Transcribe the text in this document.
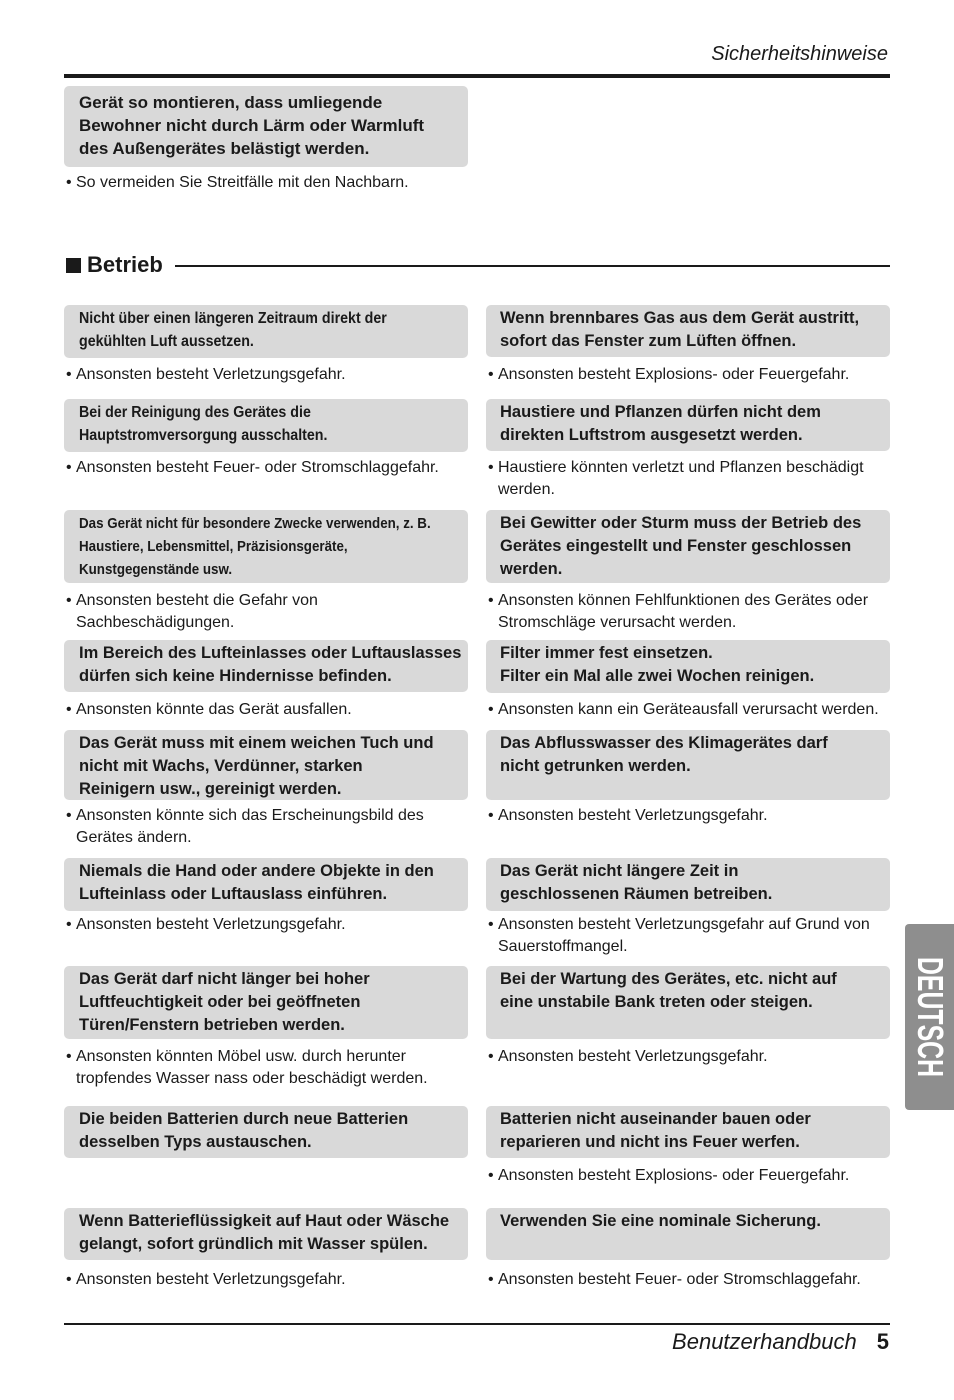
Sicherheitshinweise
Gerät so montieren, dass umliegende
Bewohner nicht durch Lärm oder Warmluft
des Außengerätes belästigt werden.
• So vermeiden Sie Streitfälle mit den Nachbarn.
Betrieb
Nicht über einen längeren Zeitraum direkt der
gekühlten Luft aussetzen.
Wenn brennbares Gas aus dem Gerät austritt,
sofort das Fenster zum Lüften öffnen.
• Ansonsten besteht Verletzungsgefahr.	• Ansonsten besteht Explosions- oder Feuergefahr.
Bei der Reinigung des Gerätes die
Hauptstromversorgung ausschalten.
Haustiere und Pflanzen dürfen nicht dem
direkten Luftstrom ausgesetzt werden.
• Ansonsten besteht Feuer- oder Stromschlaggefahr.	• Haustiere könnten verletzt und Pflanzen beschädigt
werden.
Das Gerät nicht für besondere Zwecke verwenden, z. B.
Haustiere, Lebensmittel, Präzisionsgeräte,
Kunstgegenstände usw.
Bei Gewitter oder Sturm muss der Betrieb des
Gerätes eingestellt und Fenster geschlossen
werden.
• Ansonsten besteht die Gefahr von
Sachbeschädigungen.
• Ansonsten können Fehlfunktionen des Gerätes oder
Stromschläge verursacht werden.
Im Bereich des Lufteinlasses oder Luftauslasses
dürfen sich keine Hindernisse befinden.
Filter immer fest einsetzen.
Filter ein Mal alle zwei Wochen reinigen.
• Ansonsten könnte das Gerät ausfallen.	• Ansonsten kann ein Geräteausfall verursacht werden.
Das Gerät muss mit einem weichen Tuch und
nicht mit Wachs, Verdünner, starken
Reinigern usw., gereinigt werden.
Das Abflusswasser des Klimagerätes darf
nicht getrunken werden.
• Ansonsten könnte sich das Erscheinungsbild des
Gerätes ändern.
• Ansonsten besteht Verletzungsgefahr.
Niemals die Hand oder andere Objekte in den
Lufteinlass oder Luftauslass einführen.
Das Gerät nicht längere Zeit in
geschlossenen Räumen betreiben.
• Ansonsten besteht Verletzungsgefahr.	• Ansonsten besteht Verletzungsgefahr auf Grund von
Sauerstoffmangel.
Das Gerät darf nicht länger bei hoher
Luftfeuchtigkeit oder bei geöffneten
Türen/Fenstern betrieben werden.
Bei der Wartung des Gerätes, etc. nicht auf
eine unstabile Bank treten oder steigen.
• Ansonsten könnten Möbel usw. durch herunter
tropfendes Wasser nass oder beschädigt werden.
• Ansonsten besteht Verletzungsgefahr.
Die beiden Batterien durch neue Batterien
desselben Typs austauschen.
Batterien nicht auseinander bauen oder
reparieren und nicht ins Feuer werfen.
• Ansonsten besteht Explosions- oder Feuergefahr.
Wenn Batterieflüssigkeit auf Haut oder Wäsche
gelangt, sofort gründlich mit Wasser spülen.
Verwenden Sie eine nominale Sicherung.
• Ansonsten besteht Verletzungsgefahr.	• Ansonsten besteht Feuer- oder Stromschlaggefahr.
Benutzerhandbuch 5
DEUTSCH
